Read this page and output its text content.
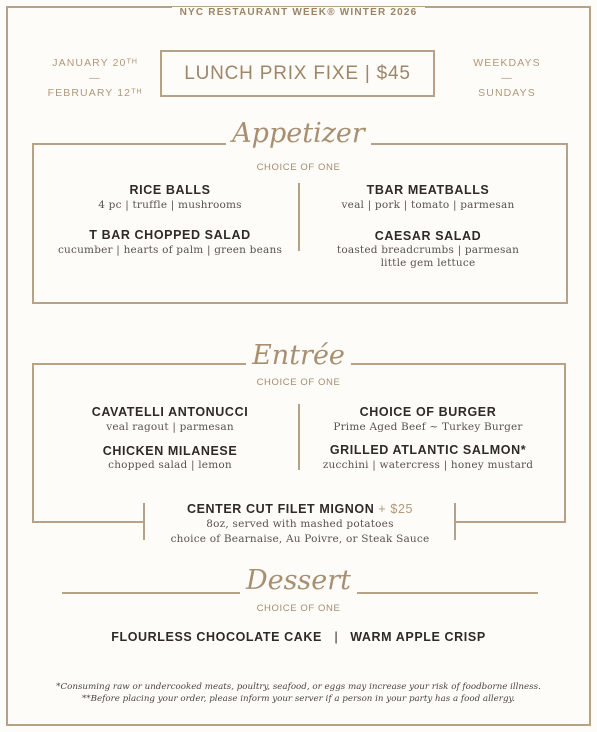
$^{NYC RESTAURANT WEEK® WINTER 2026}$
JANUARY 20ᵀᴴ
—
FEBRUARY 12ᵀᴴ
LUNCH PRIX FIXE | $45	WEEKDAYS
—
SUNDAYS
Appetizer
CHOICE OF ONE
RICE BALLS
4 pc | truffle | mushrooms
T BAR CHOPPED SALAD
cucumber | hearts of palm | green beans
TBAR MEATBALLS
veal | pork | tomato | parmesan
CAESAR SALAD
toasted breadcrumbs | parmesan
little gem lettuce
Entrée
CHOICE OF ONE
CAVATELLI ANTONUCCI
veal ragout | parmesan
CHICKEN MILANESE
chopped salad | lemon
CHOICE OF BURGER
Prime Aged Beef ~ Turkey Burger
GRILLED ATLANTIC SALMON*
zucchini | watercress | honey mustard
CENTER CUT FILET MIGNON + $25
8oz, served with mashed potatoes
choice of Bearnaise, Au Poivre, or Steak Sauce
Dessert
CHOICE OF ONE
FLOURLESS CHOCOLATE CAKE | WARM APPLE CRISP
*Consuming raw or undercooked meats, poultry, seafood, or eggs may increase your risk of foodborne illness.
**Before placing your order, please inform your server if a person in your party has a food allergy.
